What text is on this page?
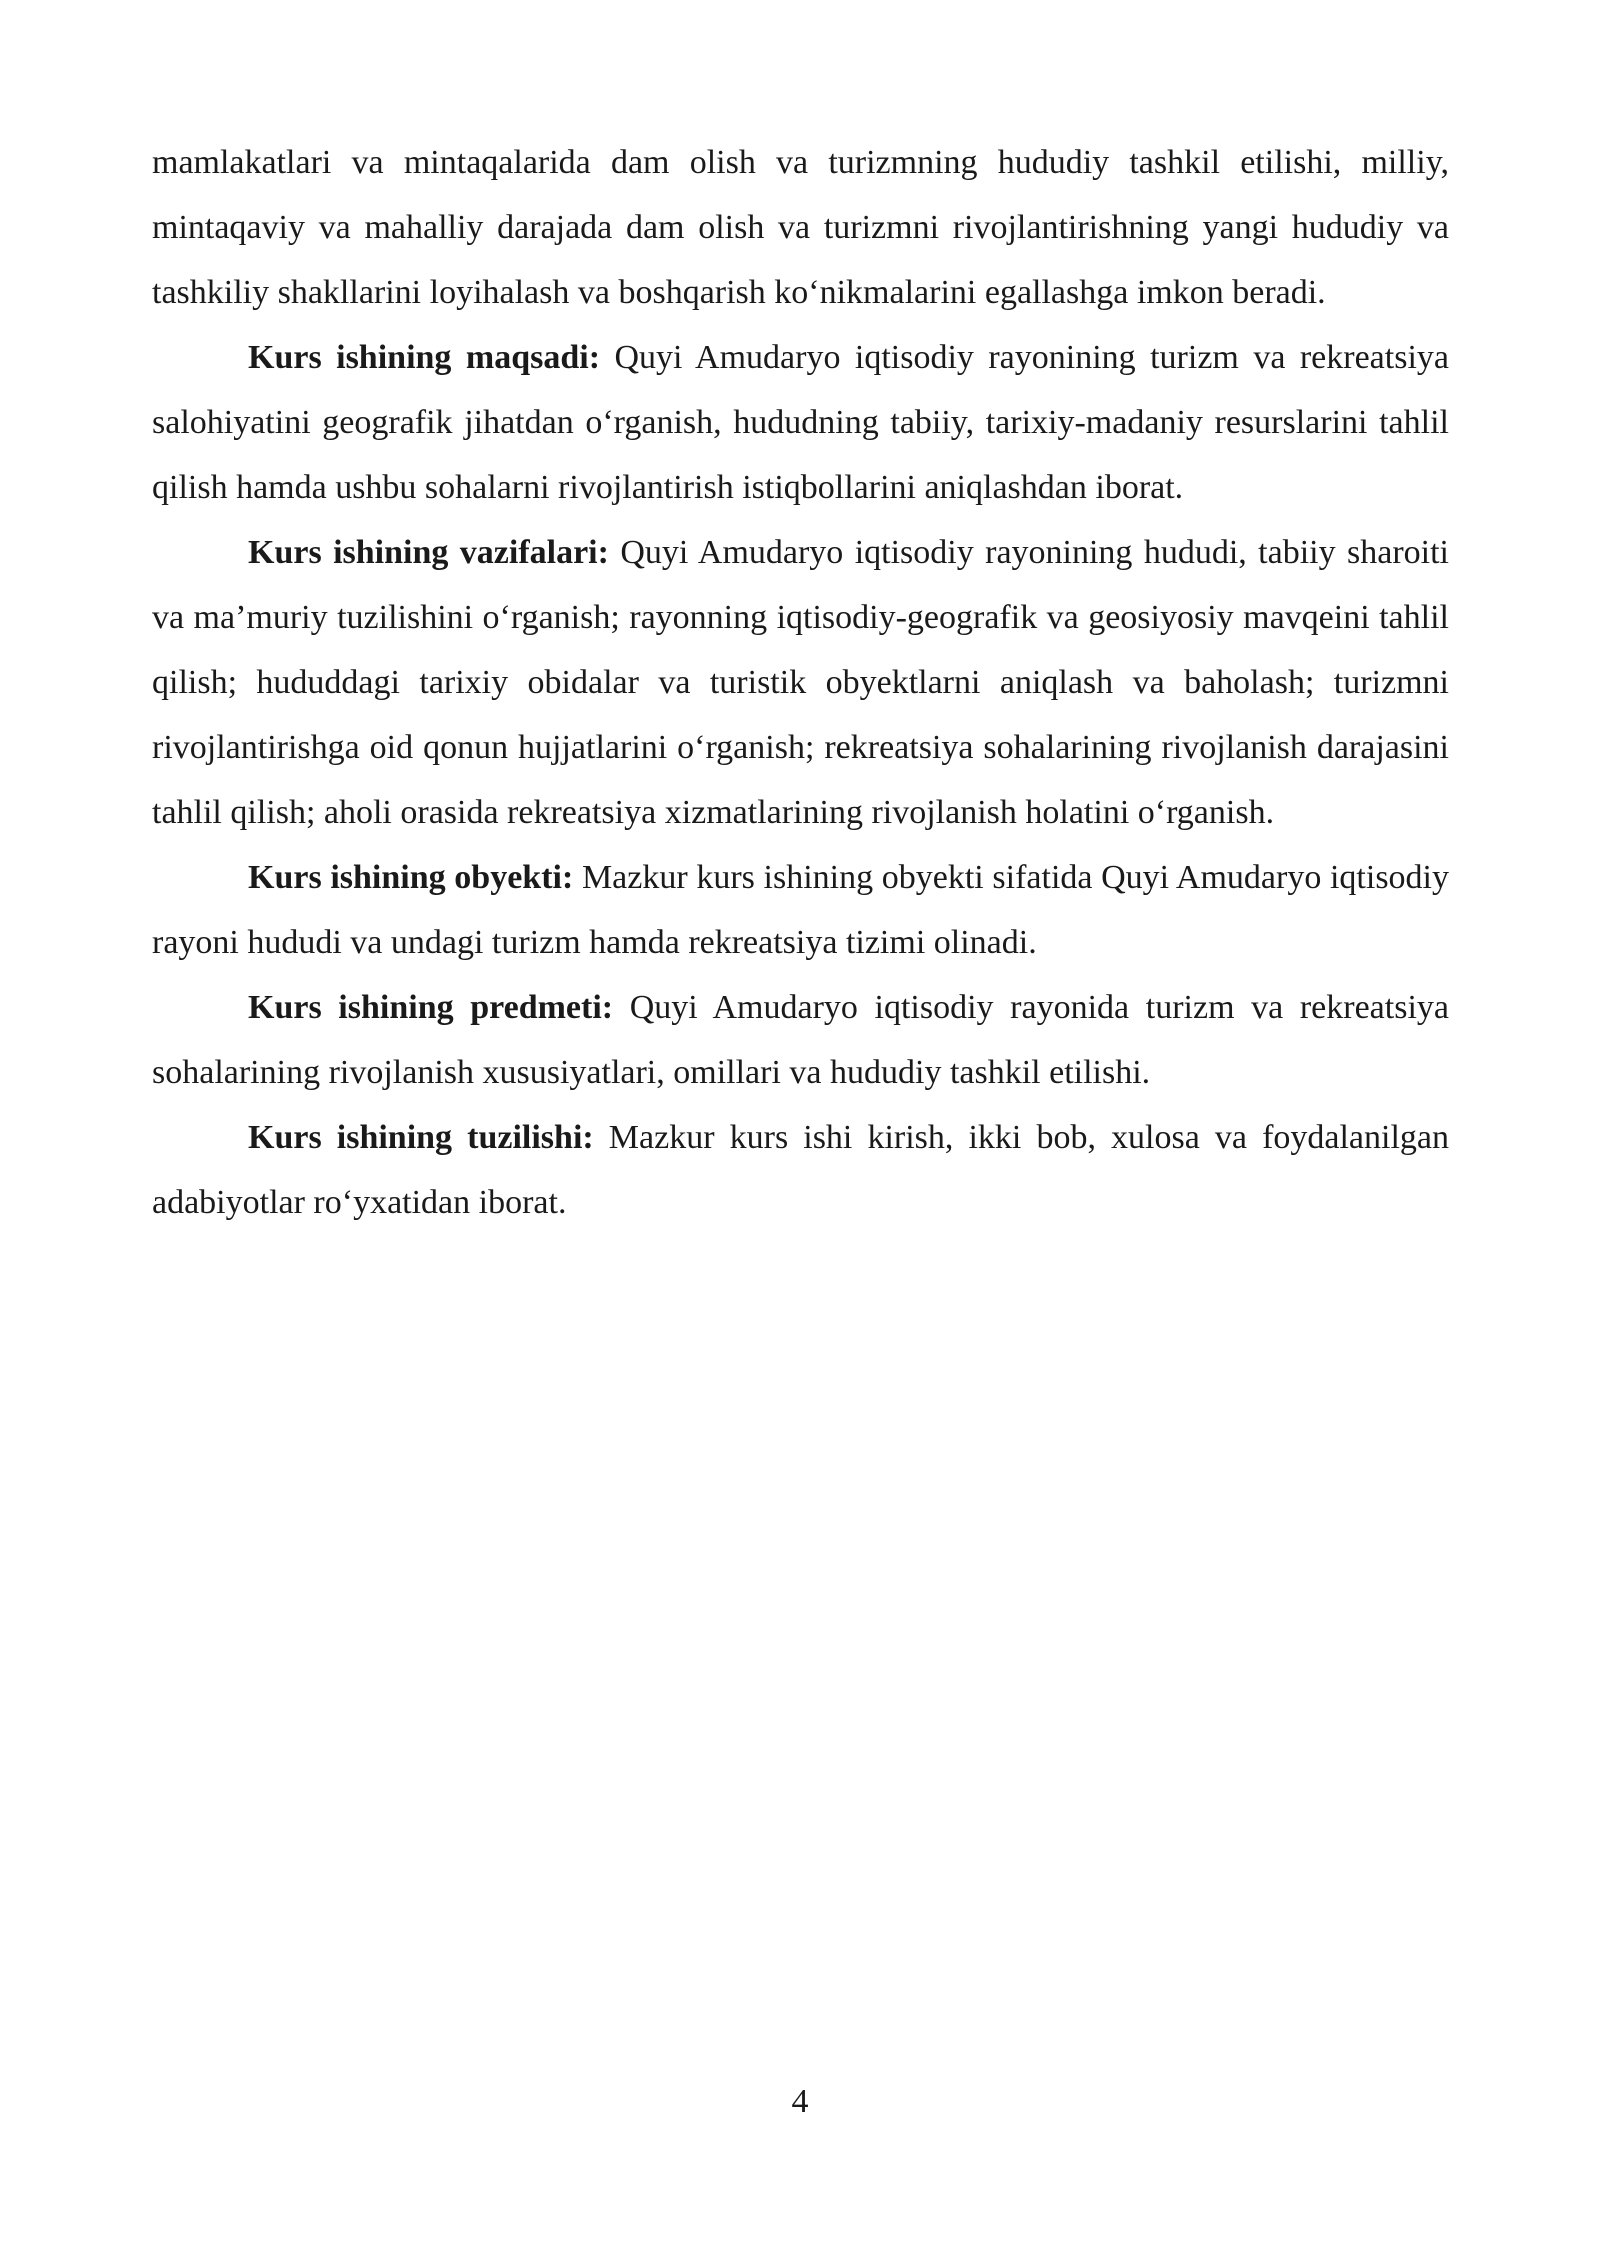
mamlakatlari va mintaqalarida dam olish va turizmning hududiy tashkil etilishi, milliy, mintaqaviy va mahalliy darajada dam olish va turizmni rivojlantirishning yangi hududiy va tashkiliy shakllarini loyihalash va boshqarish ko‘nikmalarini egallashga imkon beradi.

Kurs ishining maqsadi: Quyi Amudaryo iqtisodiy rayonining turizm va rekreatsiya salohiyatini geografik jihatdan o‘rganish, hududning tabiiy, tarixiy-madaniy resurslarini tahlil qilish hamda ushbu sohalarni rivojlantirish istiqbollarini aniqlashdan iborat.

Kurs ishining vazifalari: Quyi Amudaryo iqtisodiy rayonining hududi, tabiiy sharoiti va ma’muriy tuzilishini o‘rganish; rayonning iqtisodiy-geografik va geosiyosiy mavqeini tahlil qilish; hududdagi tarixiy obidalar va turistik obyektlarni aniqlash va baholash; turizmni rivojlantirishga oid qonun hujjatlarini o‘rganish; rekreatsiya sohalarining rivojlanish darajasini tahlil qilish; aholi orasida rekreatsiya xizmatlarining rivojlanish holatini o‘rganish.

Kurs ishining obyekti: Mazkur kurs ishining obyekti sifatida Quyi Amudaryo iqtisodiy rayoni hududi va undagi turizm hamda rekreatsiya tizimi olinadi.

Kurs ishining predmeti: Quyi Amudaryo iqtisodiy rayonida turizm va rekreatsiya sohalarining rivojlanish xususiyatlari, omillari va hududiy tashkil etilishi.

Kurs ishining tuzilishi: Mazkur kurs ishi kirish, ikki bob, xulosa va foydalanilgan adabiyotlar ro‘yxatidan iborat.

4
